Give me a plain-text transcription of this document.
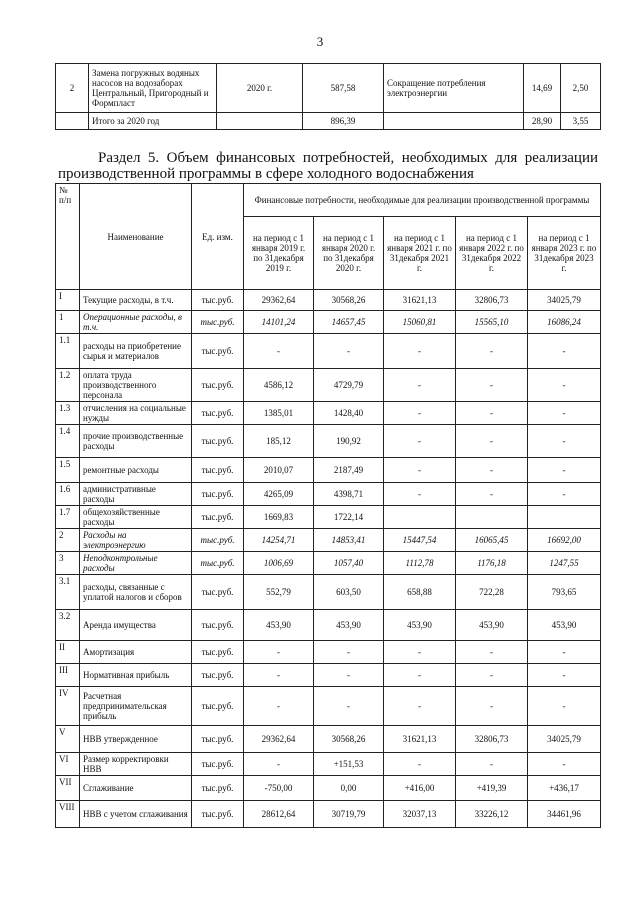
3
2	Замена погружных водяных насосов на водозаборах Центральный, Пригородный и Формпласт	2020 г.	587,58	Сокращение потребления электроэнергии	14,69	2,50
	Итого за 2020 год		896,39		28,90	3,55
Раздел 5. Объем финансовых потребностей, необходимых для реализации производственной программы в сфере холодного водоснабжения
№ п/п	Наименование	Ед. изм.	Финансовые потребности, необходимые для реализации производственной программы				
			на период с 1 января 2019 г. по 31декабря 2019 г.	на период с 1 января 2020 г. по 31декабря 2020 г.	на период с 1 января 2021 г. по 31декабря 2021 г.	на период с 1 января 2022 г. по 31декабря 2022 г.	на период с 1 января 2023 г. по 31декабря 2023 г.
I	Текущие расходы, в т.ч.	тыс.руб.	29362,64	30568,26	31621,13	32806,73	34025,79
1	Операционные расходы, в т.ч.	тыс.руб.	14101,24	14657,45	15060,81	15565,10	16086,24
1.1	расходы на приобретение сырья и материалов	тыс.руб.	-	-	-	-	-
1.2	оплата труда производственного персонала	тыс.руб.	4586,12	4729,79	-	-	-
1.3	отчисления на социальные нужды	тыс.руб.	1385,01	1428,40	-	-	-
1.4	прочие производственные расходы	тыс.руб.	185,12	190,92	-	-	-
1.5	ремонтные расходы	тыс.руб.	2010,07	2187,49	-	-	-
1.6	административные расходы	тыс.руб.	4265,09	4398,71	-	-	-
1.7	общехозяйственные расходы	тыс.руб.	1669,83	1722,14			
2	Расходы на электроэнергию	тыс.руб.	14254,71	14853,41	15447,54	16065,45	16692,00
3	Неподконтрольные расходы	тыс.руб.	1006,69	1057,40	1112,78	1176,18	1247,55
3.1	расходы, связанные с уплатой налогов и сборов	тыс.руб.	552,79	603,50	658,88	722,28	793,65
3.2	Аренда имущества	тыс.руб.	453,90	453,90	453,90	453,90	453,90
II	Амортизация	тыс.руб.	-	-	-	-	-
III	Нормативная прибыль	тыс.руб.	-	-	-	-	-
IV	Расчетная предпринимательская прибыль	тыс.руб.	-	-	-	-	-
V	НВВ утвержденное	тыс.руб.	29362,64	30568,26	31621,13	32806,73	34025,79
VI	Размер корректировки НВВ	тыс.руб.	-	+151,53	-	-	-
VII	Сглаживание	тыс.руб.	-750,00	0,00	+416,00	+419,39	+436,17
VIII	НВВ с учетом сглаживания	тыс.руб.	28612,64	30719,79	32037,13	33226,12	34461,96
